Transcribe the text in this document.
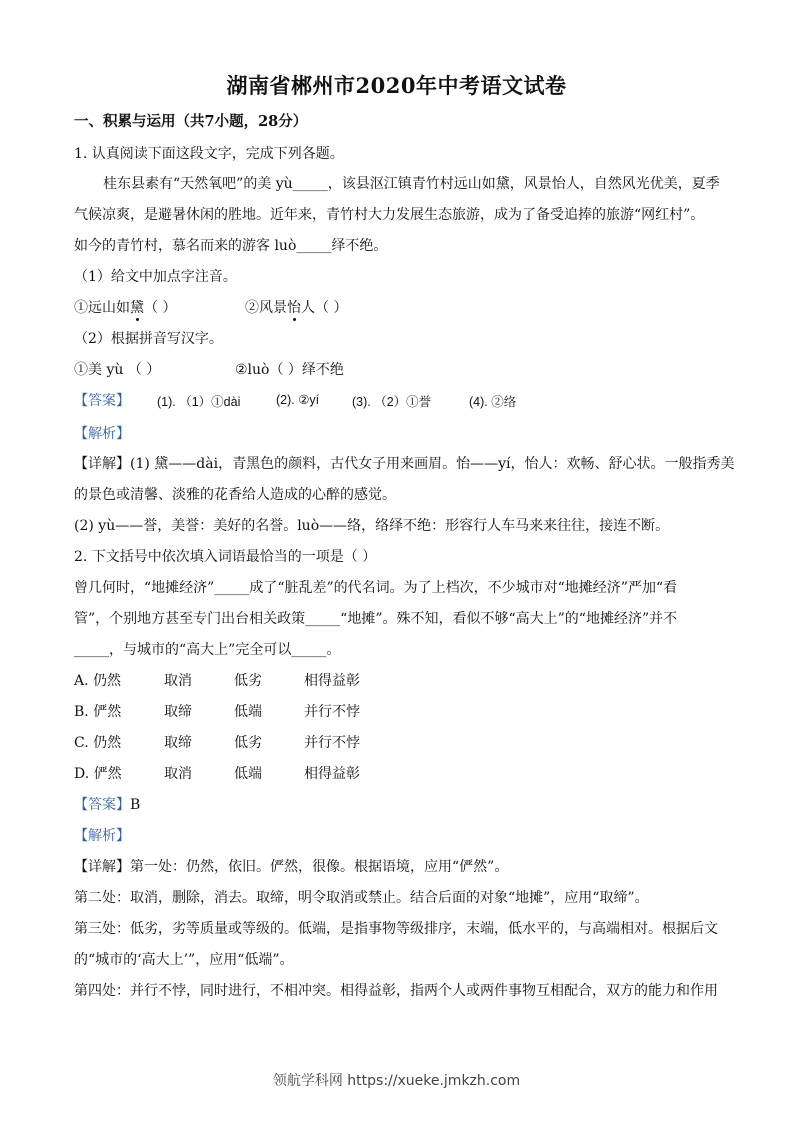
湖南省郴州市2020年中考语文试卷
一、积累与运用（共7小题，28分）
1. 认真阅读下面这段文字，完成下列各题。
桂东县素有“天然氧吧”的美 yù_____，该县沤江镇青竹村远山如黛，风景怡人，自然风光优美，夏季
气候凉爽，是避暑休闲的胜地。近年来，青竹村大力发展生态旅游，成为了备受追捧的旅游“网红村”。
如今的青竹村，慕名而来的游客 luò_____绎不绝。
（1）给文中加点字注音。
①远山如黛（ ）	②风景怡人（ ）
（2）根据拼音写汉字。
①美 yù （ ）	②luò（ ）绎不绝
【答案】 (1). （1）①dài	(2). ②yí	(3). （2）①誉	(4). ②络
【解析】
【详解】(1) 黛——dài，青黑色的颜料，古代女子用来画眉。怡——yí，怡人：欢畅、舒心状。一般指秀美
的景色或清馨、淡雅的花香给人造成的心醉的感觉。
(2) yù——誉，美誉：美好的名誉。luò——络，络绎不绝：形容行人车马来来往往，接连不断。
2. 下文括号中依次填入词语最恰当的一项是（ ）
曾几何时，“地摊经济”_____成了“脏乱差”的代名词。为了上档次，不少城市对“地摊经济”严加“看
管”，个别地方甚至专门出台相关政策_____“地摊”。殊不知，看似不够“高大上”的“地摊经济”并不
_____，与城市的“高大上”完全可以_____。
A. 仍然	取消	低劣	相得益彰
B. 俨然	取缔	低端	并行不悖
C. 仍然	取缔	低劣	并行不悖
D. 俨然	取消	低端	相得益彰
【答案】B
【解析】
【详解】第一处：仍然，依旧。俨然，很像。根据语境，应用“俨然”。
第二处：取消，删除，消去。取缔，明令取消或禁止。结合后面的对象“地摊”，应用“取缔”。
第三处：低劣，劣等质量或等级的。低端，是指事物等级排序，末端，低水平的，与高端相对。根据后文
的“城市的‘高大上’”，应用“低端”。
第四处：并行不悖，同时进行，不相冲突。相得益彰，指两个人或两件事物互相配合，双方的能力和作用
领航学科网 https://xueke.jmkzh.com
